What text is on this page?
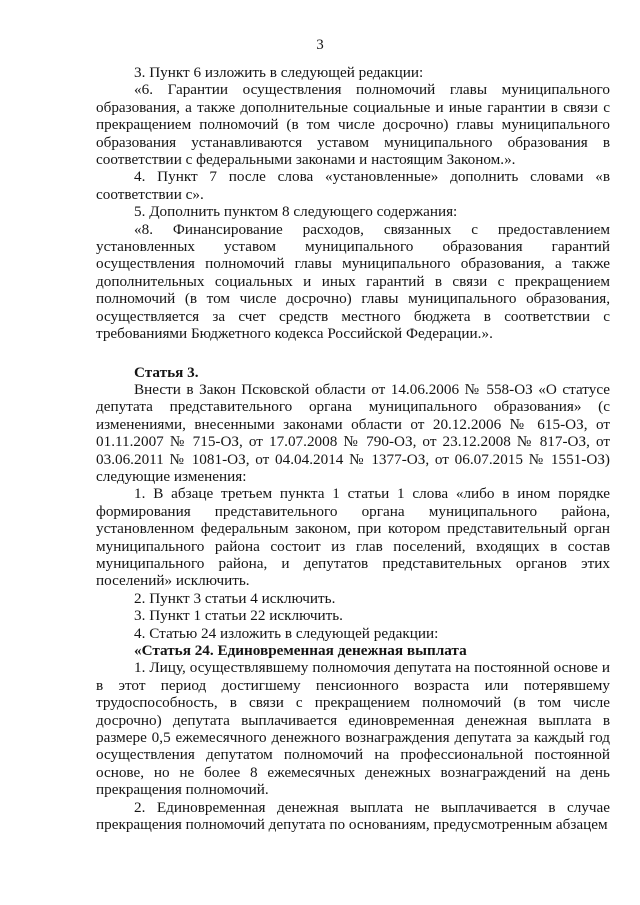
3

3. Пункт 6 изложить в следующей редакции:

«6. Гарантии осуществления полномочий главы муниципального образования, а также дополнительные социальные и иные гарантии в связи с прекращением полномочий (в том числе досрочно) главы муниципального образования устанавливаются уставом муниципального образования в соответствии с федеральными законами и настоящим Законом.».

4. Пункт 7 после слова «установленные» дополнить словами «в соответствии с».

5. Дополнить пунктом 8 следующего содержания:

«8. Финансирование расходов, связанных с предоставлением установленных уставом муниципального образования гарантий осуществления полномочий главы муниципального образования, а также дополнительных социальных и иных гарантий в связи с прекращением полномочий (в том числе досрочно) главы муниципального образования, осуществляется за счет средств местного бюджета в соответствии с требованиями Бюджетного кодекса Российской Федерации.».

Статья 3.

Внести в Закон Псковской области от 14.06.2006 № 558-ОЗ «О статусе депутата представительного органа муниципального образования» (с изменениями, внесенными законами области от 20.12.2006 № 615-ОЗ, от 01.11.2007 № 715-ОЗ, от 17.07.2008 № 790-ОЗ, от 23.12.2008 № 817-ОЗ, от 03.06.2011 № 1081-ОЗ, от 04.04.2014 № 1377-ОЗ, от 06.07.2015 № 1551-ОЗ) следующие изменения:

1. В абзаце третьем пункта 1 статьи 1 слова «либо в ином порядке формирования представительного органа муниципального района, установленном федеральным законом, при котором представительный орган муниципального района состоит из глав поселений, входящих в состав муниципального района, и депутатов представительных органов этих поселений» исключить.

2. Пункт 3 статьи 4 исключить.

3. Пункт 1 статьи 22 исключить.

4. Статью 24 изложить в следующей редакции:

«Статья 24. Единовременная денежная выплата

1. Лицу, осуществлявшему полномочия депутата на постоянной основе и в этот период достигшему пенсионного возраста или потерявшему трудоспособность, в связи с прекращением полномочий (в том числе досрочно) депутата выплачивается единовременная денежная выплата в размере 0,5 ежемесячного денежного вознаграждения депутата за каждый год осуществления депутатом полномочий на профессиональной постоянной основе, но не более 8 ежемесячных денежных вознаграждений на день прекращения полномочий.

2. Единовременная денежная выплата не выплачивается в случае прекращения полномочий депутата по основаниям, предусмотренным абзацем
